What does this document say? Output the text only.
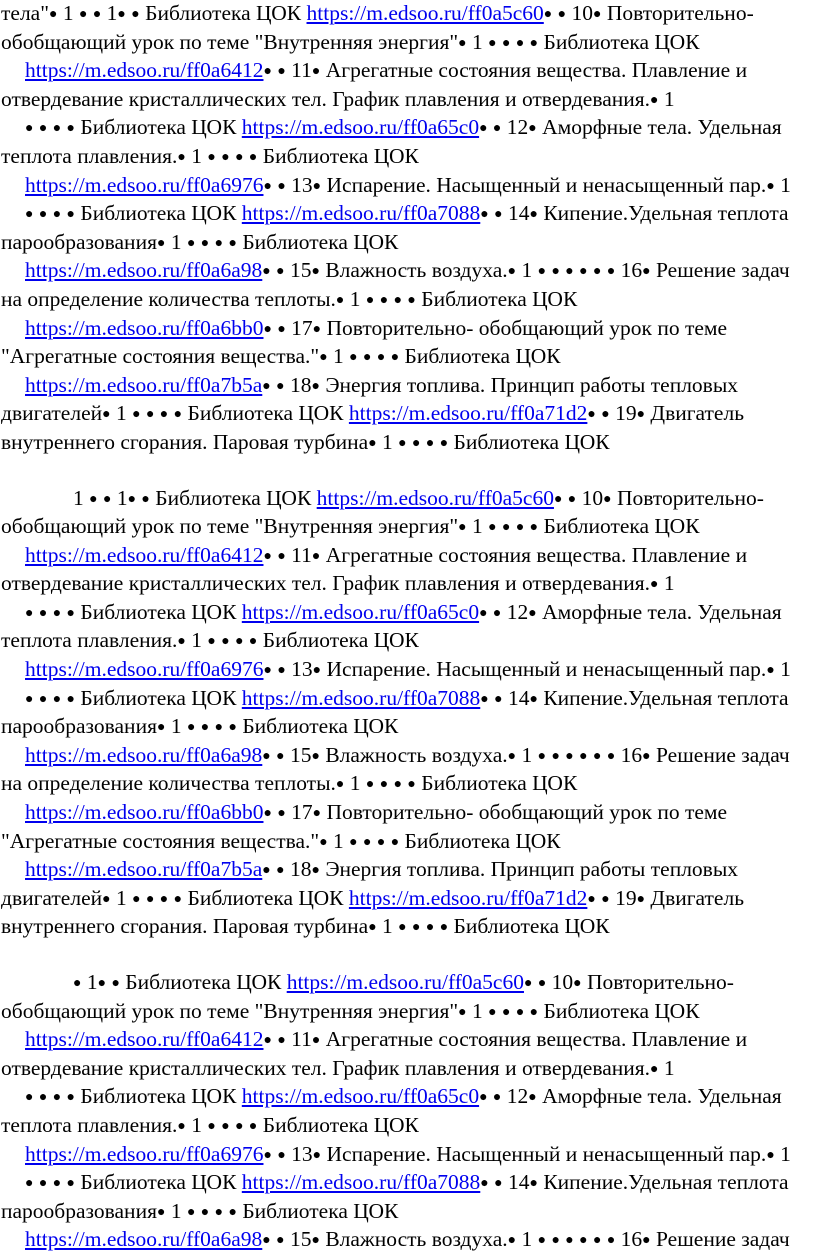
тела"● 1 ● ● 1● ● Библиотека ЦОК https://m.edsoo.ru/ff0a5c60● ● 10● Повторительно-
обобщающий урок по теме "Внутренняя энергия"● 1 ● ● ● ● Библиотека ЦОК
https://m.edsoo.ru/ff0a6412● ● 11● Агрегатные состояния вещества. Плавление и
отвердевание кристаллических тел. График плавления и отвердевания.● 1
● ● ● ● Библиотека ЦОК https://m.edsoo.ru/ff0a65c0● ● 12● Аморфные тела. Удельная
теплота плавления.● 1 ● ● ● ● Библиотека ЦОК
https://m.edsoo.ru/ff0a6976● ● 13● Испарение. Насыщенный и ненасыщенный пар.● 1
● ● ● ● Библиотека ЦОК https://m.edsoo.ru/ff0a7088● ● 14● Кипение.Удельная теплота
парообразования● 1 ● ● ● ● Библиотека ЦОК
https://m.edsoo.ru/ff0a6a98● ● 15● Влажность воздуха.● 1 ● ● ● ● ● ● 16● Решение задач
на определение количества теплоты.● 1 ● ● ● ● Библиотека ЦОК
https://m.edsoo.ru/ff0a6bb0● ● 17● Повторительно- обобщающий урок по теме
"Агрегатные состояния вещества."● 1 ● ● ● ● Библиотека ЦОК
https://m.edsoo.ru/ff0a7b5a● ● 18● Энергия топлива. Принцип работы тепловых
двигателей● 1 ● ● ● ● Библиотека ЦОК https://m.edsoo.ru/ff0a71d2● ● 19● Двигатель
внутреннего сгорания. Паровая турбина● 1 ● ● ● ● Библиотека ЦОК
1 ● ● 1● ● Библиотека ЦОК https://m.edsoo.ru/ff0a5c60● ● 10● Повторительно-
обобщающий урок по теме "Внутренняя энергия"● 1 ● ● ● ● Библиотека ЦОК
https://m.edsoo.ru/ff0a6412● ● 11● Агрегатные состояния вещества. Плавление и
отвердевание кристаллических тел. График плавления и отвердевания.● 1
● ● ● ● Библиотека ЦОК https://m.edsoo.ru/ff0a65c0● ● 12● Аморфные тела. Удельная
теплота плавления.● 1 ● ● ● ● Библиотека ЦОК
https://m.edsoo.ru/ff0a6976● ● 13● Испарение. Насыщенный и ненасыщенный пар.● 1
● ● ● ● Библиотека ЦОК https://m.edsoo.ru/ff0a7088● ● 14● Кипение.Удельная теплота
парообразования● 1 ● ● ● ● Библиотека ЦОК
https://m.edsoo.ru/ff0a6a98● ● 15● Влажность воздуха.● 1 ● ● ● ● ● ● 16● Решение задач
на определение количества теплоты.● 1 ● ● ● ● Библиотека ЦОК
https://m.edsoo.ru/ff0a6bb0● ● 17● Повторительно- обобщающий урок по теме
"Агрегатные состояния вещества."● 1 ● ● ● ● Библиотека ЦОК
https://m.edsoo.ru/ff0a7b5a● ● 18● Энергия топлива. Принцип работы тепловых
двигателей● 1 ● ● ● ● Библиотека ЦОК https://m.edsoo.ru/ff0a71d2● ● 19● Двигатель
внутреннего сгорания. Паровая турбина● 1 ● ● ● ● Библиотека ЦОК
● 1● ● Библиотека ЦОК https://m.edsoo.ru/ff0a5c60● ● 10● Повторительно-
обобщающий урок по теме "Внутренняя энергия"● 1 ● ● ● ● Библиотека ЦОК
https://m.edsoo.ru/ff0a6412● ● 11● Агрегатные состояния вещества. Плавление и
отвердевание кристаллических тел. График плавления и отвердевания.● 1
● ● ● ● Библиотека ЦОК https://m.edsoo.ru/ff0a65c0● ● 12● Аморфные тела. Удельная
теплота плавления.● 1 ● ● ● ● Библиотека ЦОК
https://m.edsoo.ru/ff0a6976● ● 13● Испарение. Насыщенный и ненасыщенный пар.● 1
● ● ● ● Библиотека ЦОК https://m.edsoo.ru/ff0a7088● ● 14● Кипение.Удельная теплота
парообразования● 1 ● ● ● ● Библиотека ЦОК
https://m.edsoo.ru/ff0a6a98● ● 15● Влажность воздуха.● 1 ● ● ● ● ● ● 16● Решение задач
